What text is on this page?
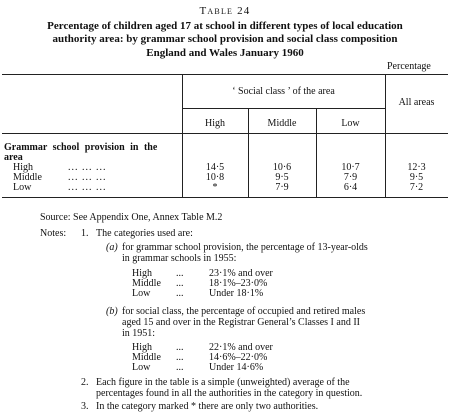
Table 24
Percentage of children aged 17 at school in different types of local education
authority area: by grammar school provision and social class composition
England and Wales January 1960
Percentage
‘ Social class ’ of the area
High	Middle	Low
All areas
Grammar school provision in the
area
High	... ... ...	14·5	10·6	10·7	12·3
Middle	... ... ...	10·8	9·5	7·9	9·5
Low	... ... ...	*	7·9	6·4	7·2
Source: See Appendix One, Annex Table M.2
Notes: 1. The categories used are:
(a) for grammar school provision, the percentage of 13-year-olds
in grammar schools in 1955:
High ...	23·1% and over
Middle ...	18·1%–23·0%
Low	...	Under 18·1%
(b) for social class, the percentage of occupied and retired males
aged 15 and over in the Registrar General’s Classes I and II
in 1951:
High ...	22·1% and over
Middle ...	14·6%–22·0%
Low	...	Under 14·6%
2. Each figure in the table is a simple (unweighted) average of the
percentages found in all the authorities in the category in question.
3. In the category marked * there are only two authorities.
